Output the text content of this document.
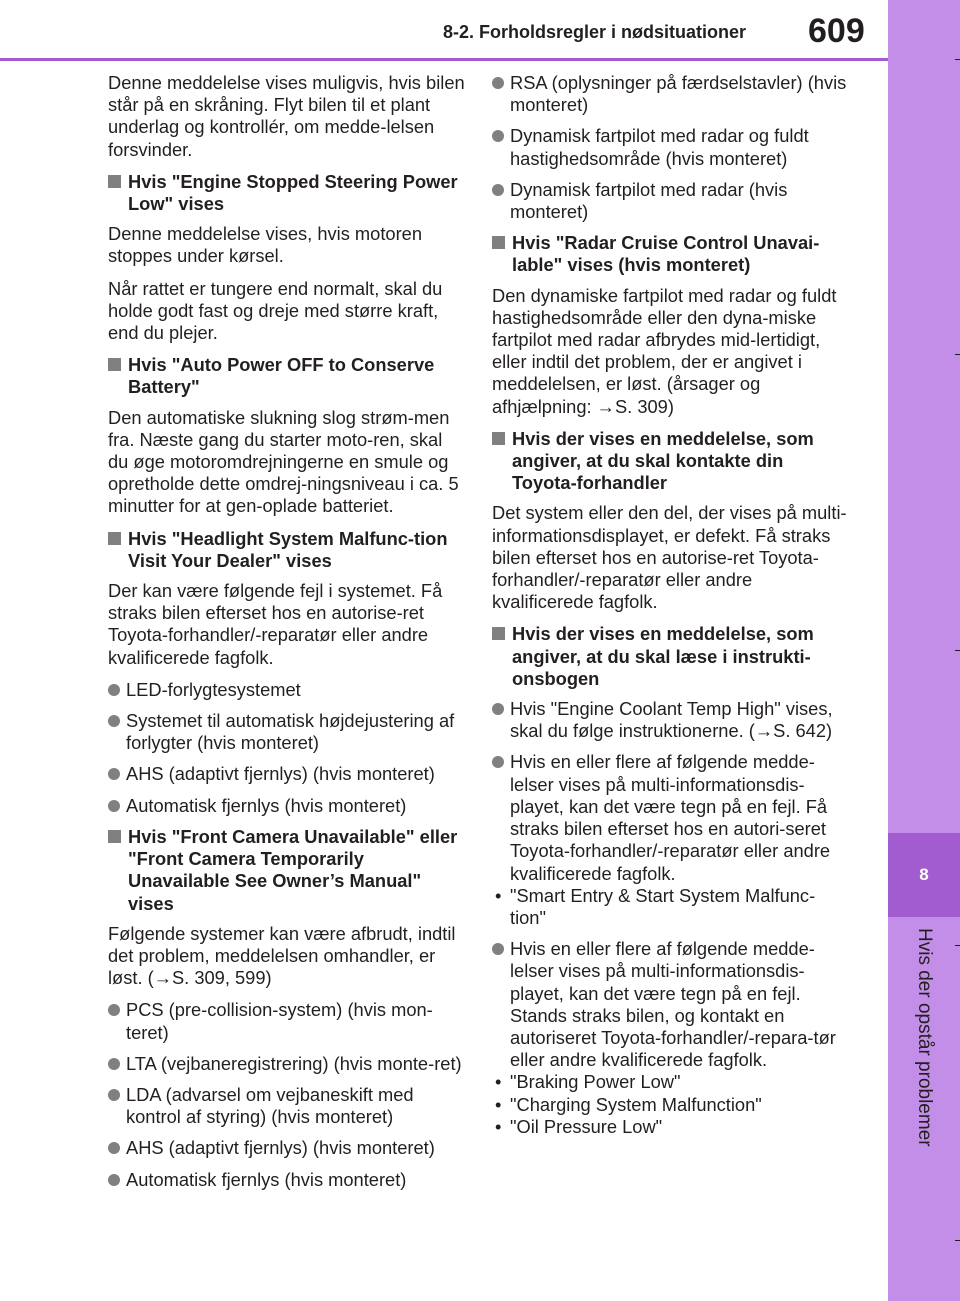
8-2. Forholdsregler i nødsituationer 609
8
Hvis der opstår problemer
Denne meddelelse vises muligvis, hvis bilen står på en skråning. Flyt bilen til et plant underlag og kontrollér, om medde-lelsen forsvinder.
Hvis "Engine Stopped Steering Power Low" vises
Denne meddelelse vises, hvis motoren stoppes under kørsel.
Når rattet er tungere end normalt, skal du holde godt fast og dreje med større kraft, end du plejer.
Hvis "Auto Power OFF to Conserve Battery"
Den automatiske slukning slog strøm-men fra. Næste gang du starter moto-ren, skal du øge motoromdrejningerne en smule og opretholde dette omdrej-ningsniveau i ca. 5 minutter for at gen-oplade batteriet.
Hvis "Headlight System Malfunc-tion Visit Your Dealer" vises
Der kan være følgende fejl i systemet. Få straks bilen efterset hos en autorise-ret Toyota-forhandler/-reparatør eller andre kvalificerede fagfolk.
LED-forlygtesystemet
Systemet til automatisk højdejustering af forlygter (hvis monteret)
AHS (adaptivt fjernlys) (hvis monteret)
Automatisk fjernlys (hvis monteret)
Hvis "Front Camera Unavailable" eller "Front Camera Temporarily Unavailable See Owner’s Manual" vises
Følgende systemer kan være afbrudt, indtil det problem, meddelelsen omhandler, er løst. (→S. 309, 599)
PCS (pre-collision-system) (hvis mon-teret)
LTA (vejbaneregistrering) (hvis monte-ret)
LDA (advarsel om vejbaneskift med kontrol af styring) (hvis monteret)
AHS (adaptivt fjernlys) (hvis monteret)
Automatisk fjernlys (hvis monteret)
RSA (oplysninger på færdselstavler) (hvis monteret)
Dynamisk fartpilot med radar og fuldt hastighedsområde (hvis monteret)
Dynamisk fartpilot med radar (hvis monteret)
Hvis "Radar Cruise Control Unavai-lable" vises (hvis monteret)
Den dynamiske fartpilot med radar og fuldt hastighedsområde eller den dyna-miske fartpilot med radar afbrydes mid-lertidigt, eller indtil det problem, der er angivet i meddelelsen, er løst. (årsager og afhjælpning: →S. 309)
Hvis der vises en meddelelse, som angiver, at du skal kontakte din Toyota-forhandler
Det system eller den del, der vises på multi-informationsdisplayet, er defekt. Få straks bilen efterset hos en autorise-ret Toyota-forhandler/-reparatør eller andre kvalificerede fagfolk.
Hvis der vises en meddelelse, som angiver, at du skal læse i instrukti-onsbogen
Hvis "Engine Coolant Temp High" vises, skal du følge instruktionerne. (→S. 642)
Hvis en eller flere af følgende medde-lelser vises på multi-informationsdis-playet, kan det være tegn på en fejl. Få straks bilen efterset hos en autori-seret Toyota-forhandler/-reparatør eller andre kvalificerede fagfolk.
• "Smart Entry & Start System Malfunc-tion"
Hvis en eller flere af følgende medde-lelser vises på multi-informationsdis-playet, kan det være tegn på en fejl. Stands straks bilen, og kontakt en autoriseret Toyota-forhandler/-repara-tør eller andre kvalificerede fagfolk.
• "Braking Power Low"
• "Charging System Malfunction"
• "Oil Pressure Low"
